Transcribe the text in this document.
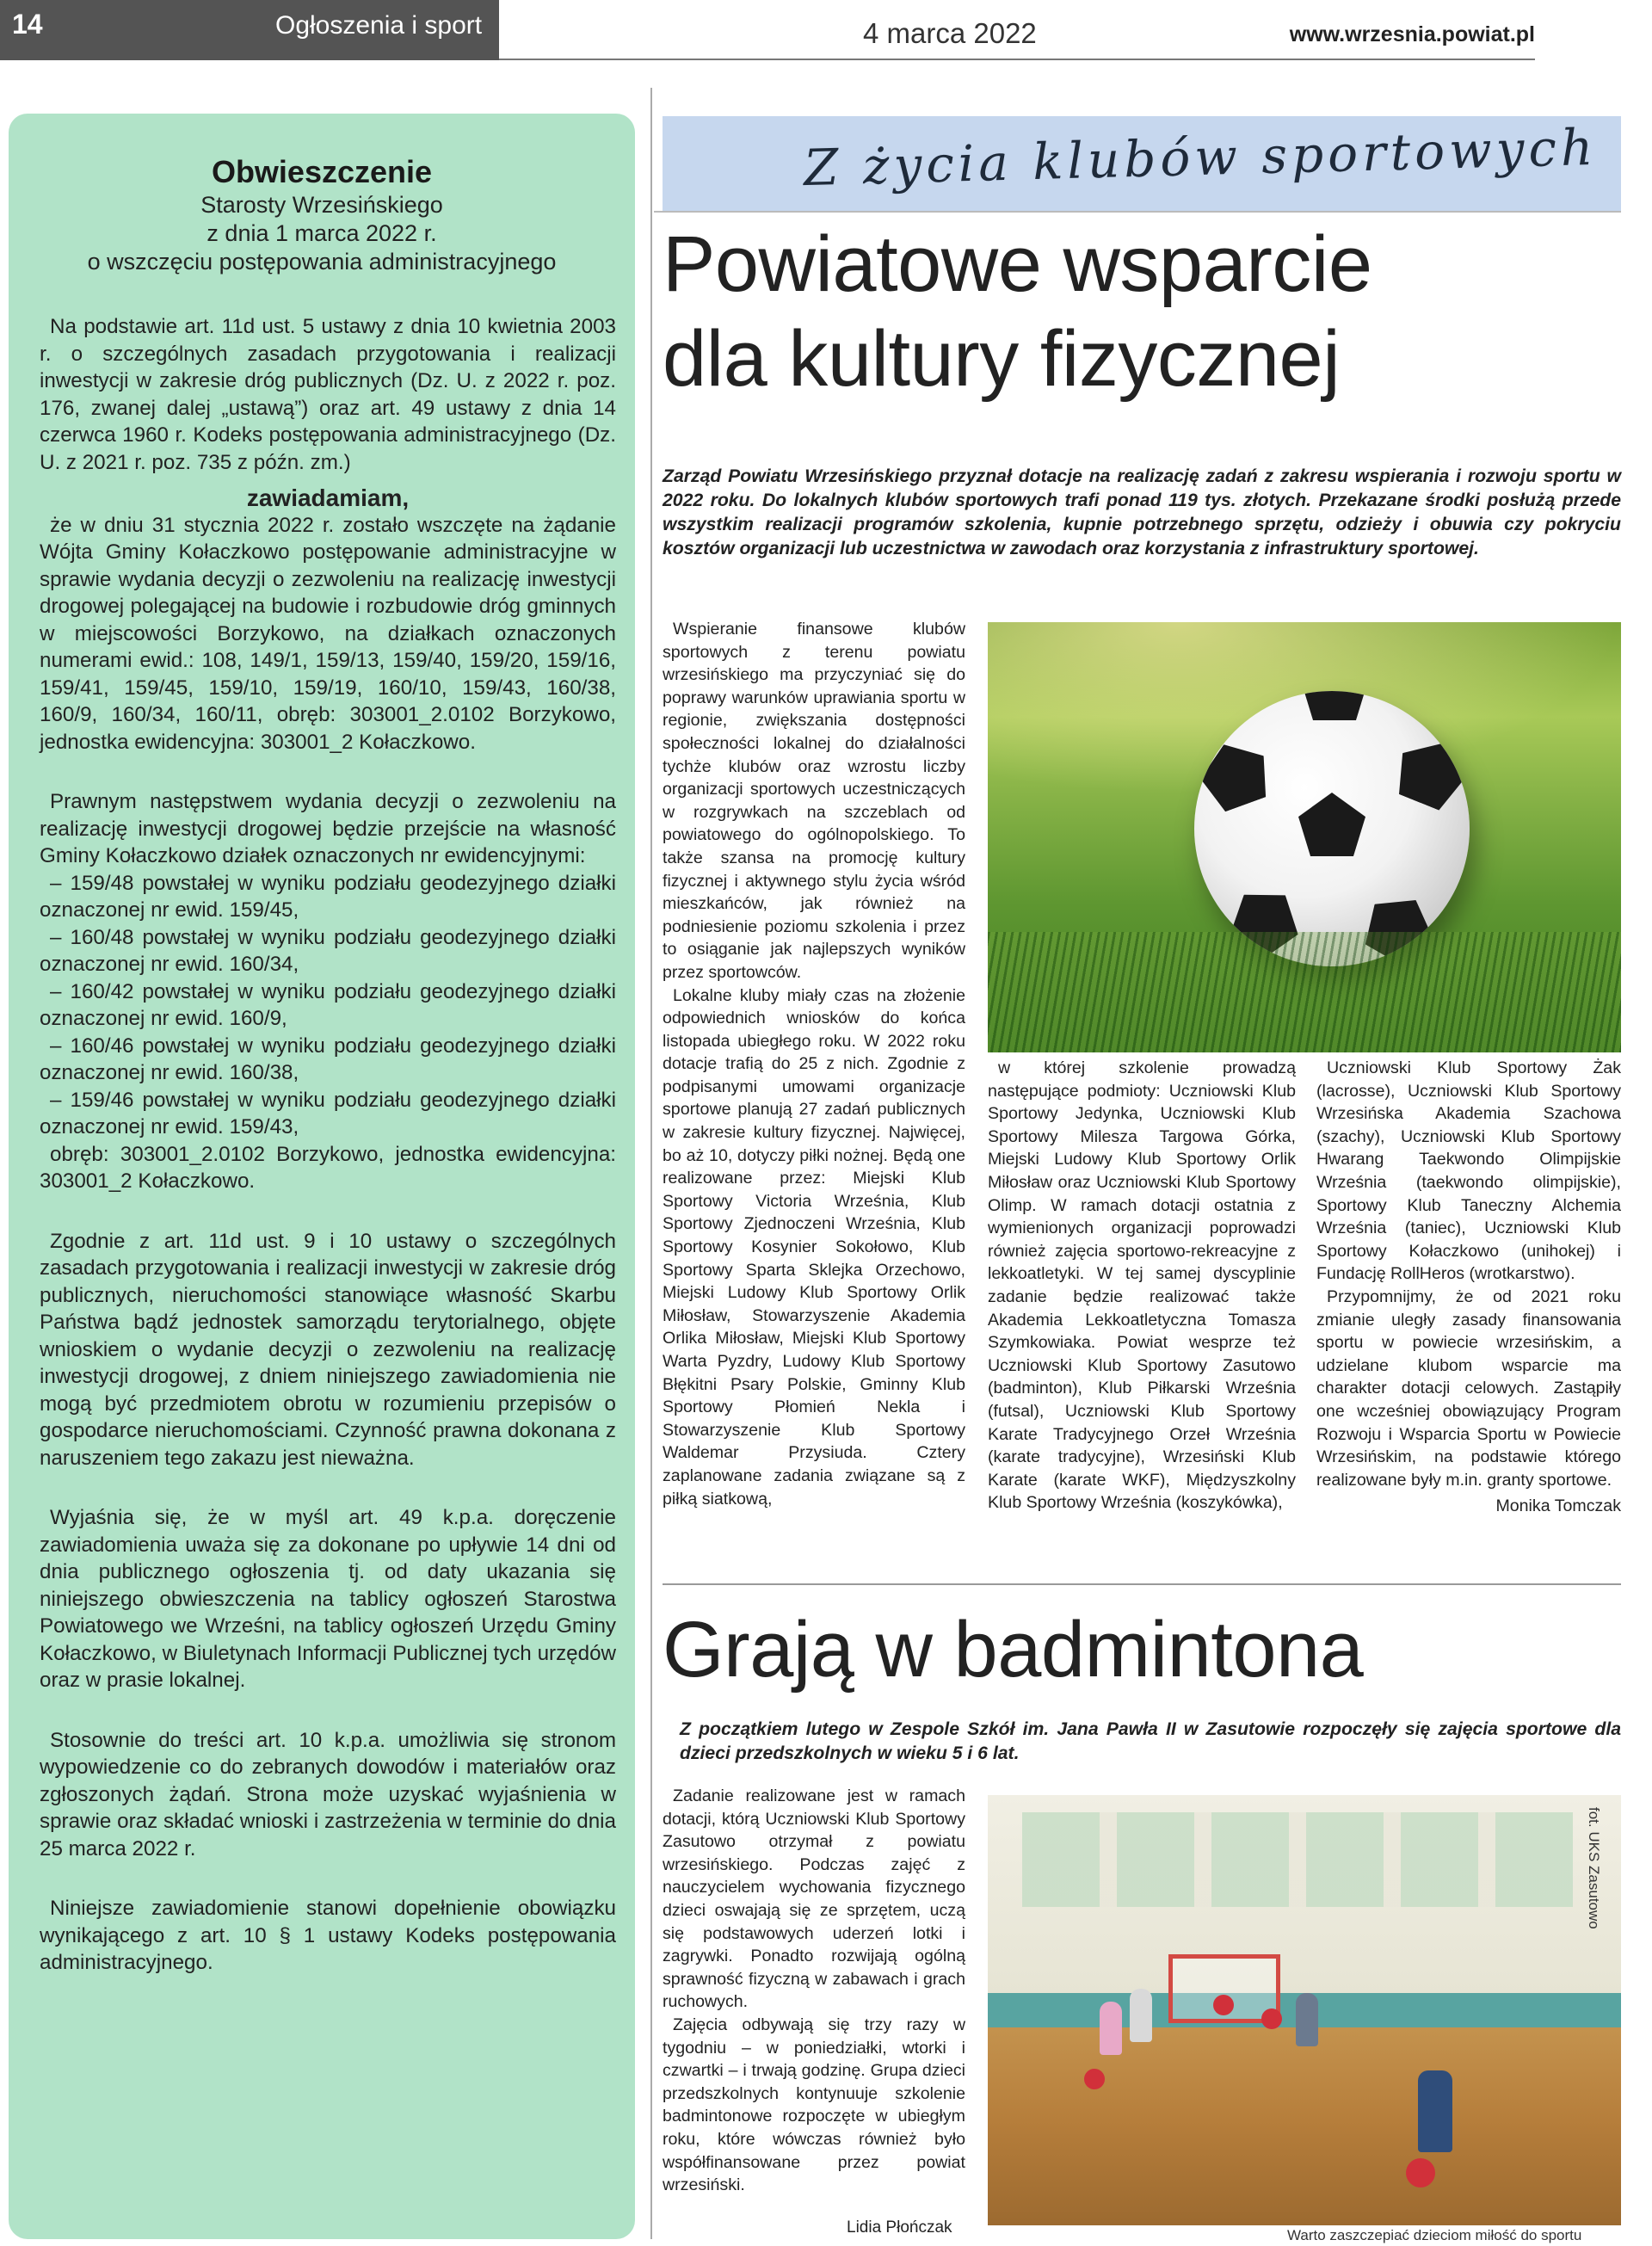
14	Ogłoszenia i sport	4 marca 2022	www.wrzesnia.powiat.pl
Obwieszczenie
Starosty Wrzesińskiego
z dnia 1 marca 2022 r.
o wszczęciu postępowania administracyjnego

Na podstawie art. 11d ust. 5 ustawy z dnia 10 kwietnia 2003 r. o szczególnych zasadach przygotowania i realizacji inwestycji w zakresie dróg publicznych (Dz. U. z 2022 r. poz. 176, zwanej dalej „ustawą”) oraz art. 49 ustawy z dnia 14 czerwca 1960 r. Kodeks postępowania administracyjnego (Dz. U. z 2021 r. poz. 735 z późn. zm.)

zawiadamiam,

że w dniu 31 stycznia 2022 r. zostało wszczęte na żądanie Wójta Gminy Kołaczkowo postępowanie administracyjne w sprawie wydania decyzji o zezwoleniu na realizację inwestycji drogowej polegającej na budowie i rozbudowie dróg gminnych w miejscowości Borzykowo, na działkach oznaczonych numerami ewid.: 108, 149/1, 159/13, 159/40, 159/20, 159/16, 159/41, 159/45, 159/10, 159/19, 160/10, 159/43, 160/38, 160/9, 160/34, 160/11, obręb: 303001_2.0102 Borzykowo, jednostka ewidencyjna: 303001_2 Kołaczkowo.

Prawnym następstwem wydania decyzji o zezwoleniu na realizację inwestycji drogowej będzie przejście na własność Gminy Kołaczkowo działek oznaczonych nr ewidencyjnymi:

– 159/48 powstałej w wyniku podziału geodezyjnego działki oznaczonej nr ewid. 159/45,

– 160/48 powstałej w wyniku podziału geodezyjnego działki oznaczonej nr ewid. 160/34,

– 160/42 powstałej w wyniku podziału geodezyjnego działki oznaczonej nr ewid. 160/9,

– 160/46 powstałej w wyniku podziału geodezyjnego działki oznaczonej nr ewid. 160/38,

– 159/46 powstałej w wyniku podziału geodezyjnego działki oznaczonej nr ewid. 159/43,

obręb: 303001_2.0102 Borzykowo, jednostka ewidencyjna: 303001_2 Kołaczkowo.

Zgodnie z art. 11d ust. 9 i 10 ustawy o szczególnych zasadach przygotowania i realizacji inwestycji w zakresie dróg publicznych, nieruchomości stanowiące własność Skarbu Państwa bądź jednostek samorządu terytorialnego, objęte wnioskiem o wydanie decyzji o zezwoleniu na realizację inwestycji drogowej, z dniem niniejszego zawiadomienia nie mogą być przedmiotem obrotu w rozumieniu przepisów o gospodarce nieruchomościami. Czynność prawna dokonana z naruszeniem tego zakazu jest nieważna.

Wyjaśnia się, że w myśl art. 49 k.p.a. doręczenie zawiadomienia uważa się za dokonane po upływie 14 dni od dnia publicznego ogłoszenia tj. od daty ukazania się niniejszego obwieszczenia na tablicy ogłoszeń Starostwa Powiatowego we Wrześni, na tablicy ogłoszeń Urzędu Gminy Kołaczkowo, w Biuletynach Informacji Publicznej tych urzędów oraz w prasie lokalnej.

Stosownie do treści art. 10 k.p.a. umożliwia się stronom wypowiedzenie co do zebranych dowodów i materiałów oraz zgłoszonych żądań. Strona może uzyskać wyjaśnienia w sprawie oraz składać wnioski i zastrzeżenia w terminie do dnia 25 marca 2022 r.

Niniejsze zawiadomienie stanowi dopełnienie obowiązku wynikającego z art. 10 § 1 ustawy Kodeks postępowania administracyjnego.

Z życia klubów sportowych
Powiatowe wsparcie
dla kultury fizycznej
Zarząd Powiatu Wrzesińskiego przyznał dotacje na realizację zadań z zakresu wspierania i rozwoju sportu w 2022 roku. Do lokalnych klubów sportowych trafi ponad 119 tys. złotych. Przekazane środki posłużą przede wszystkim realizacji programów szkolenia, kupnie potrzebnego sprzętu, odzieży i obuwia czy pokryciu kosztów organizacji lub uczestnictwa w zawodach oraz korzystania z infrastruktury sportowej.

Wspieranie finansowe klubów sportowych z terenu powiatu wrzesińskiego ma przyczyniać się do poprawy warunków uprawiania sportu w regionie, zwiększania dostępności społeczności lokalnej do działalności tychże klubów oraz wzrostu liczby organizacji sportowych uczestniczących w rozgrywkach na szczeblach od powiatowego do ogólnopolskiego. To także szansa na promocję kultury fizycznej i aktywnego stylu życia wśród mieszkańców, jak również na podniesienie poziomu szkolenia i przez to osiąganie jak najlepszych wyników przez sportowców.

Lokalne kluby miały czas na złożenie odpowiednich wniosków do końca listopada ubiegłego roku. W 2022 roku dotacje trafią do 25 z nich. Zgodnie z podpisanymi umowami organizacje sportowe planują 27 zadań publicznych w zakresie kultury fizycznej. Najwięcej, bo aż 10, dotyczy piłki nożnej. Będą one realizowane przez: Miejski Klub Sportowy Victoria Września, Klub Sportowy Zjednoczeni Września, Klub Sportowy Kosynier Sokołowo, Klub Sportowy Sparta Sklejka Orzechowo, Miejski Ludowy Klub Sportowy Orlik Miłosław, Stowarzyszenie Akademia Orlika Miłosław, Miejski Klub Sportowy Warta Pyzdry, Ludowy Klub Sportowy Błękitni Psary Polskie, Gminny Klub Sportowy Płomień Nekla i Stowarzyszenie Klub Sportowy Waldemar Przysiuda. Cztery zaplanowane zadania związane są z piłką siatkową,

w której szkolenie prowadzą następujące podmioty: Uczniowski Klub Sportowy Jedynka, Uczniowski Klub Sportowy Milesza Targowa Górka, Miejski Ludowy Klub Sportowy Orlik Miłosław oraz Uczniowski Klub Sportowy Olimp. W ramach dotacji ostatnia z wymienionych organizacji poprowadzi również zajęcia sportowo-rekreacyjne z lekkoatletyki. W tej samej dyscyplinie zadanie będzie realizować także Akademia Lekkoatletyczna Tomasza Szymkowiaka. Powiat wesprze też Uczniowski Klub Sportowy Zasutowo (badminton), Klub Piłkarski Września (futsal), Uczniowski Klub Sportowy Karate Tradycyjnego Orzeł Września (karate tradycyjne), Wrzesiński Klub Karate (karate WKF), Międzyszkolny Klub Sportowy Września (koszykówka),

Uczniowski Klub Sportowy Żak (lacrosse), Uczniowski Klub Sportowy Wrzesińska Akademia Szachowa (szachy), Uczniowski Klub Sportowy Hwarang Taekwondo Olimpijskie Września (taekwondo olimpijskie), Sportowy Klub Taneczny Alchemia Września (taniec), Uczniowski Klub Sportowy Kołaczkowo (unihokej) i Fundację RollHeros (wrotkarstwo).

Przypomnijmy, że od 2021 roku zmianie uległy zasady finansowania sportu w powiecie wrzesińskim, a udzielane klubom wsparcie ma charakter dotacji celowych. Zastąpiły one wcześniej obowiązujący Program Rozwoju i Wsparcia Sportu w Powiecie Wrzesińskim, na podstawie którego realizowane były m.in. granty sportowe.

Monika Tomczak

Grają w badmintona
Z początkiem lutego w Zespole Szkół im. Jana Pawła II w Zasutowie rozpoczęły się zajęcia sportowe dla dzieci przedszkolnych w wieku 5 i 6 lat.

Zadanie realizowane jest w ramach dotacji, którą Uczniowski Klub Sportowy Zasutowo otrzymał z powiatu wrzesińskiego. Podczas zajęć z nauczycielem wychowania fizycznego dzieci oswajają się ze sprzętem, uczą się podstawowych uderzeń lotki i zagrywki. Ponadto rozwijają ogólną sprawność fizyczną w zabawach i grach ruchowych.

Zajęcia odbywają się trzy razy w tygodniu – w poniedziałki, wtorki i czwartki – i trwają godzinę. Grupa dzieci przedszkolnych kontynuuje szkolenie badmintonowe rozpoczęte w ubiegłym roku, które wówczas również było współfinansowane przez powiat wrzesiński.

Lidia Płończak
fot. UKS Zasutowo
Warto zaszczepiać dzieciom miłość do sportu
